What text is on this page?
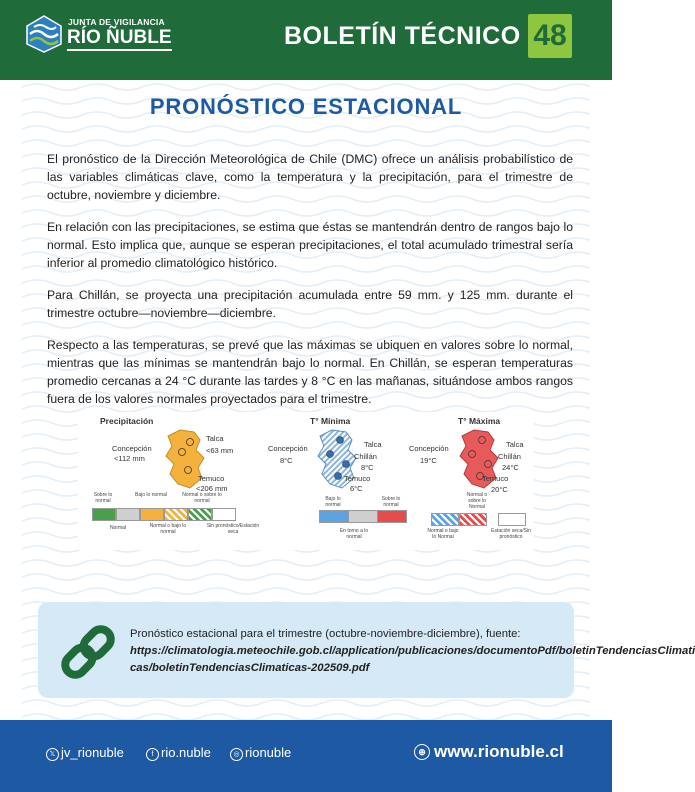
JUNTA DE VIGILANCIA
RÍO ÑUBLE	BOLETÍN TÉCNICO 48
PRONÓSTICO ESTACIONAL
El pronóstico de la Dirección Meteorológica de Chile (DMC) ofrece un análisis probabilístico de las variables climáticas clave, como la temperatura y la precipitación, para el trimestre de octubre, noviembre y diciembre.
En relación con las precipitaciones, se estima que éstas se mantendrán dentro de rangos bajo lo normal. Esto implica que, aunque se esperan precipitaciones, el total acumulado trimestral sería inferior al promedio climatológico histórico.
Para Chillán, se proyecta una precipitación acumulada entre 59 mm. y 125 mm. durante el trimestre octubre—noviembre—diciembre.
Respecto a las temperaturas, se prevé que las máximas se ubiquen en valores sobre lo normal, mientras que las mínimas se mantendrán bajo lo normal. En Chillán, se esperan temperaturas promedio cercanas a 24 °C durante las tardes y 8 °C en las mañanas, situándose ambos rangos fuera de los valores normales proyectados para el trimestre.
Precipitación
Concepción
<112 mm
Talca
<63 mm
Temuco
<206 mm
Sobre lo normal
Bajo lo normal	Normal o sobre lo normal
Normal	Normal o bajo lo normal
Sin pronóstico/Estación seca
T° Mínima
Concepción
8°C
Talca
Chillán
8°C
Temuco
6°C
Bajo lo normal
Sobre lo normal
En torno a lo normal
T° Máxima
Concepción
19°C
Talca
Chillán
24°C
Temuco
20°C
Normal o sobre lo Normal
Normal o bajo lo Normal
Estación seca/Sin pronóstico
Pronóstico estacional para el trimestre (octubre-noviembre-diciembre), fuente:
https://climatologia.meteochile.gob.cl/application/publicaciones/documentoPdf/boletinTendenciasClimati cas/boletinTendenciasClimaticas-202509.pdf
𝕏 jv_rionuble	f rio.nuble	◎ rionuble	⊕ www.rionuble.cl
